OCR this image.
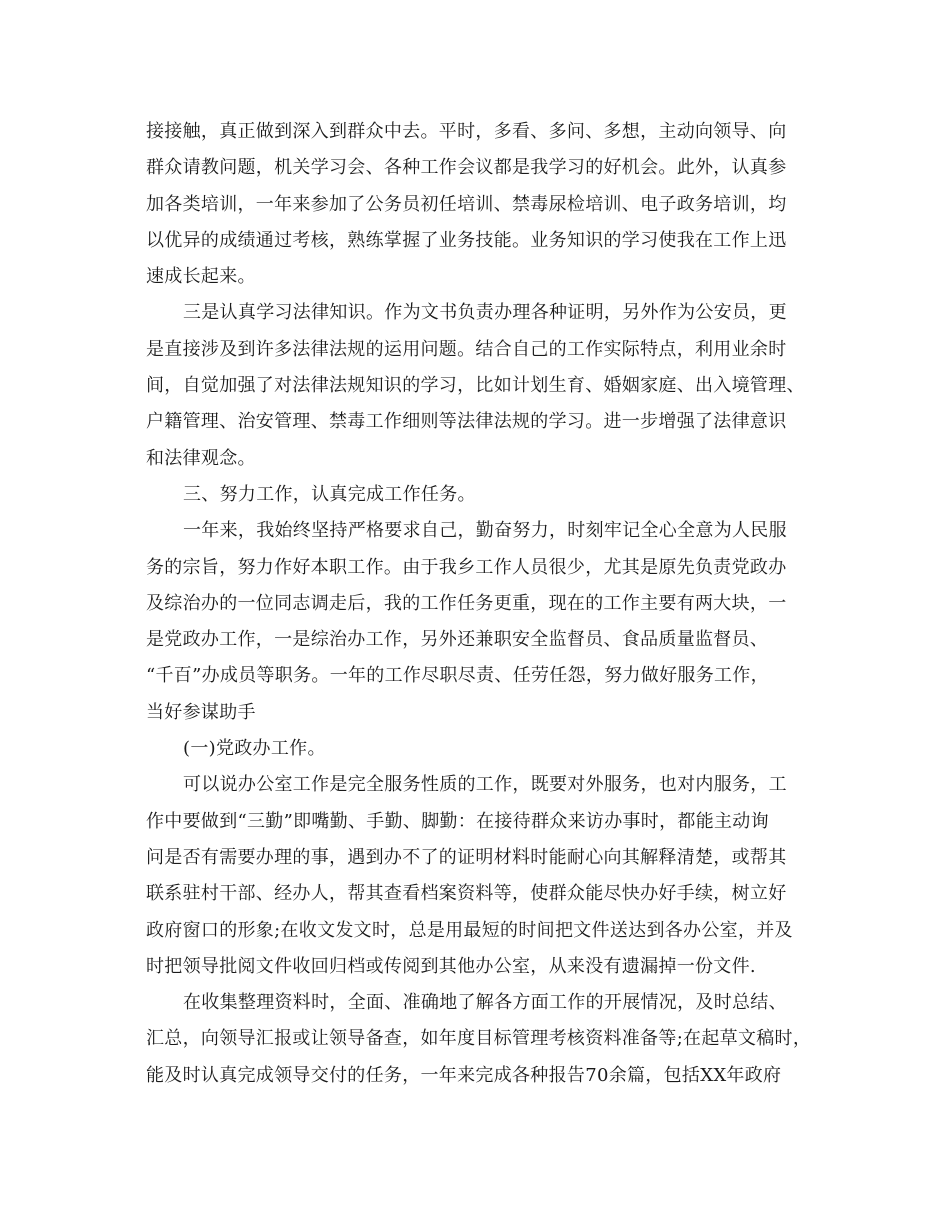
接接触，真正做到深入到群众中去。平时，多看、多问、多想，主动向领导、向
群众请教问题，机关学习会、各种工作会议都是我学习的好机会。此外，认真参
加各类培训，一年来参加了公务员初任培训、禁毒尿检培训、电子政务培训，均
以优异的成绩通过考核，熟练掌握了业务技能。业务知识的学习使我在工作上迅
速成长起来。
三是认真学习法律知识。作为文书负责办理各种证明，另外作为公安员，更
是直接涉及到许多法律法规的运用问题。结合自己的工作实际特点，利用业余时
间，自觉加强了对法律法规知识的学习，比如计划生育、婚姻家庭、出入境管理、
户籍管理、治安管理、禁毒工作细则等法律法规的学习。进一步增强了法律意识
和法律观念。
三、努力工作，认真完成工作任务。
一年来，我始终坚持严格要求自己，勤奋努力，时刻牢记全心全意为人民服
务的宗旨，努力作好本职工作。由于我乡工作人员很少，尤其是原先负责党政办
及综治办的一位同志调走后，我的工作任务更重，现在的工作主要有两大块，一
是党政办工作，一是综治办工作，另外还兼职安全监督员、食品质量监督员、
“千百”办成员等职务。一年的工作尽职尽责、任劳任怨，努力做好服务工作，
当好参谋助手
(一)党政办工作。
可以说办公室工作是完全服务性质的工作，既要对外服务，也对内服务，工
作中要做到“三勤”即嘴勤、手勤、脚勤：在接待群众来访办事时，都能主动询
问是否有需要办理的事，遇到办不了的证明材料时能耐心向其解释清楚，或帮其
联系驻村干部、经办人，帮其查看档案资料等，使群众能尽快办好手续，树立好
政府窗口的形象;在收文发文时，总是用最短的时间把文件送达到各办公室，并及
时把领导批阅文件收回归档或传阅到其他办公室，从来没有遗漏掉一份文件.
在收集整理资料时，全面、准确地了解各方面工作的开展情况，及时总结、
汇总，向领导汇报或让领导备查，如年度目标管理考核资料准备等;在起草文稿时，
能及时认真完成领导交付的任务，一年来完成各种报告70余篇，包括XX年政府
